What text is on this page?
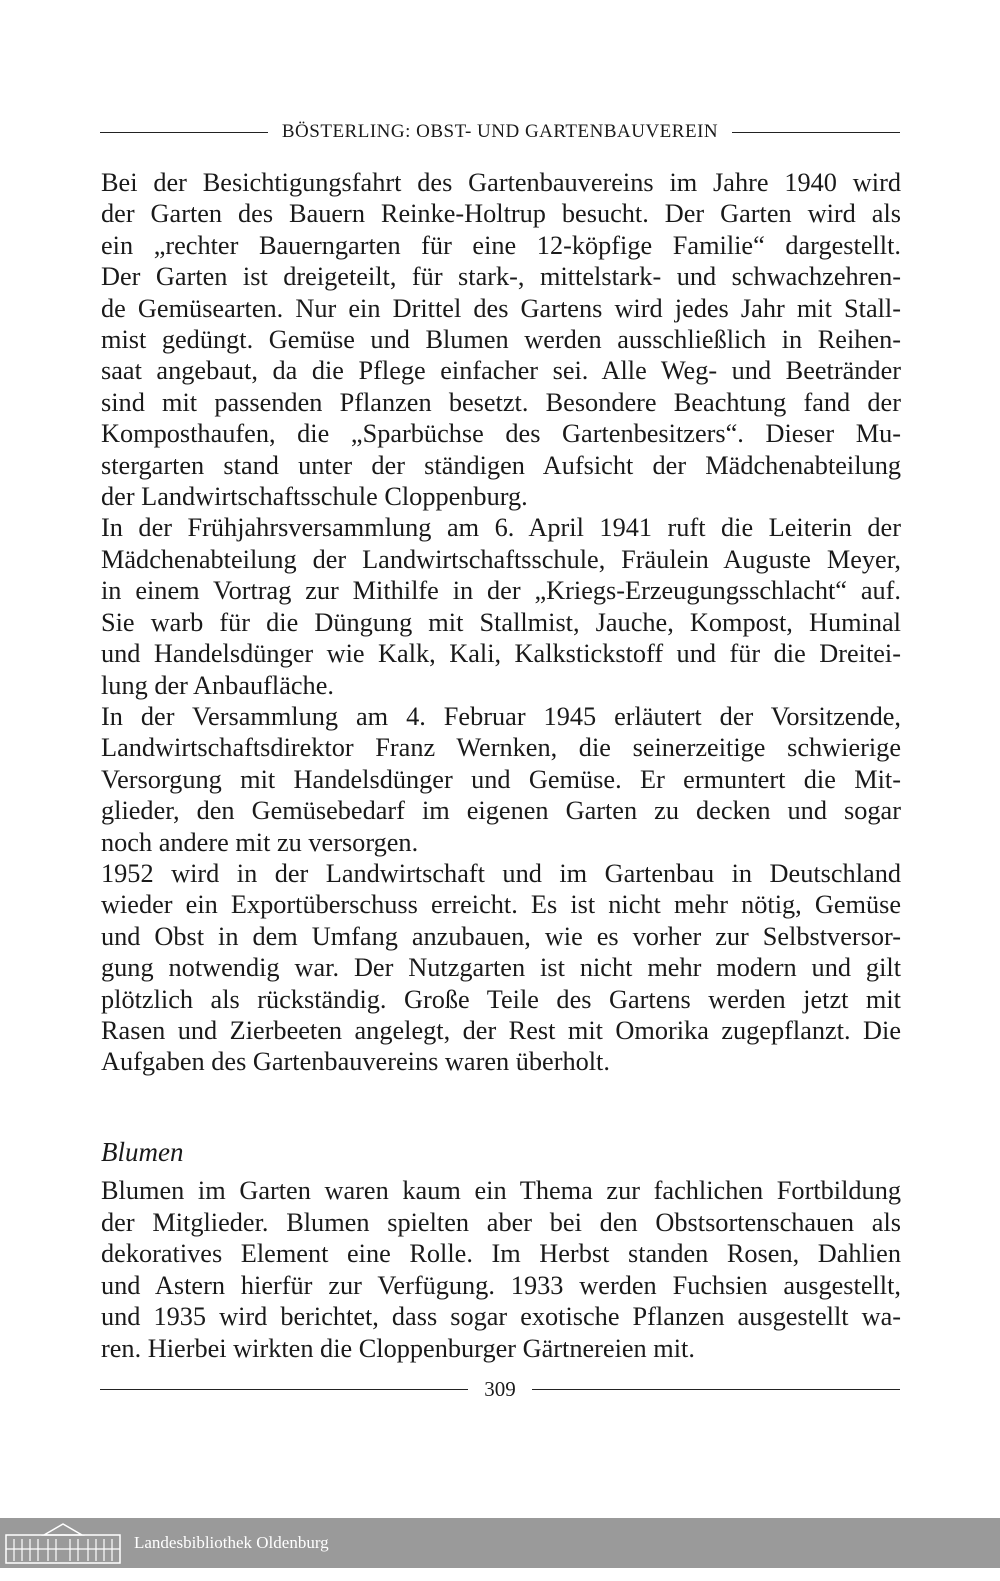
BÖSTERLING: OBST- UND GARTENBAUVEREIN

Bei der Besichtigungsfahrt des Gartenbauvereins im Jahre 1940 wird
der Garten des Bauern Reinke-Holtrup besucht. Der Garten wird als
ein „rechter Bauerngarten für eine 12-köpfige Familie“ dargestellt.
Der Garten ist dreigeteilt, für stark-, mittelstark- und schwachzehren-
de Gemüsearten. Nur ein Drittel des Gartens wird jedes Jahr mit Stall-
mist gedüngt. Gemüse und Blumen werden ausschließlich in Reihen-
saat angebaut, da die Pflege einfacher sei. Alle Weg- und Beetränder
sind mit passenden Pflanzen besetzt. Besondere Beachtung fand der
Komposthaufen, die „Sparbüchse des Gartenbesitzers“. Dieser Mu-
stergarten stand unter der ständigen Aufsicht der Mädchenabteilung
der Landwirtschaftsschule Cloppenburg.

In der Frühjahrsversammlung am 6. April 1941 ruft die Leiterin der
Mädchenabteilung der Landwirtschaftsschule, Fräulein Auguste Meyer,
in einem Vortrag zur Mithilfe in der „Kriegs-Erzeugungsschlacht“ auf.
Sie warb für die Düngung mit Stallmist, Jauche, Kompost, Huminal
und Handelsdünger wie Kalk, Kali, Kalkstickstoff und für die Dreitei-
lung der Anbaufläche.

In der Versammlung am 4. Februar 1945 erläutert der Vorsitzende,
Landwirtschaftsdirektor Franz Wernken, die seinerzeitige schwierige
Versorgung mit Handelsdünger und Gemüse. Er ermuntert die Mit-
glieder, den Gemüsebedarf im eigenen Garten zu decken und sogar
noch andere mit zu versorgen.

1952 wird in der Landwirtschaft und im Gartenbau in Deutschland
wieder ein Exportüberschuss erreicht. Es ist nicht mehr nötig, Gemüse
und Obst in dem Umfang anzubauen, wie es vorher zur Selbstversor-
gung notwendig war. Der Nutzgarten ist nicht mehr modern und gilt
plötzlich als rückständig. Große Teile des Gartens werden jetzt mit
Rasen und Zierbeeten angelegt, der Rest mit Omorika zugepflanzt. Die
Aufgaben des Gartenbauvereins waren überholt.

Blumen
Blumen im Garten waren kaum ein Thema zur fachlichen Fortbildung
der Mitglieder. Blumen spielten aber bei den Obstsortenschauen als
dekoratives Element eine Rolle. Im Herbst standen Rosen, Dahlien
und Astern hierfür zur Verfügung. 1933 werden Fuchsien ausgestellt,
und 1935 wird berichtet, dass sogar exotische Pflanzen ausgestellt wa-
ren. Hierbei wirkten die Cloppenburger Gärtnereien mit.
309
Landesbibliothek Oldenburg
